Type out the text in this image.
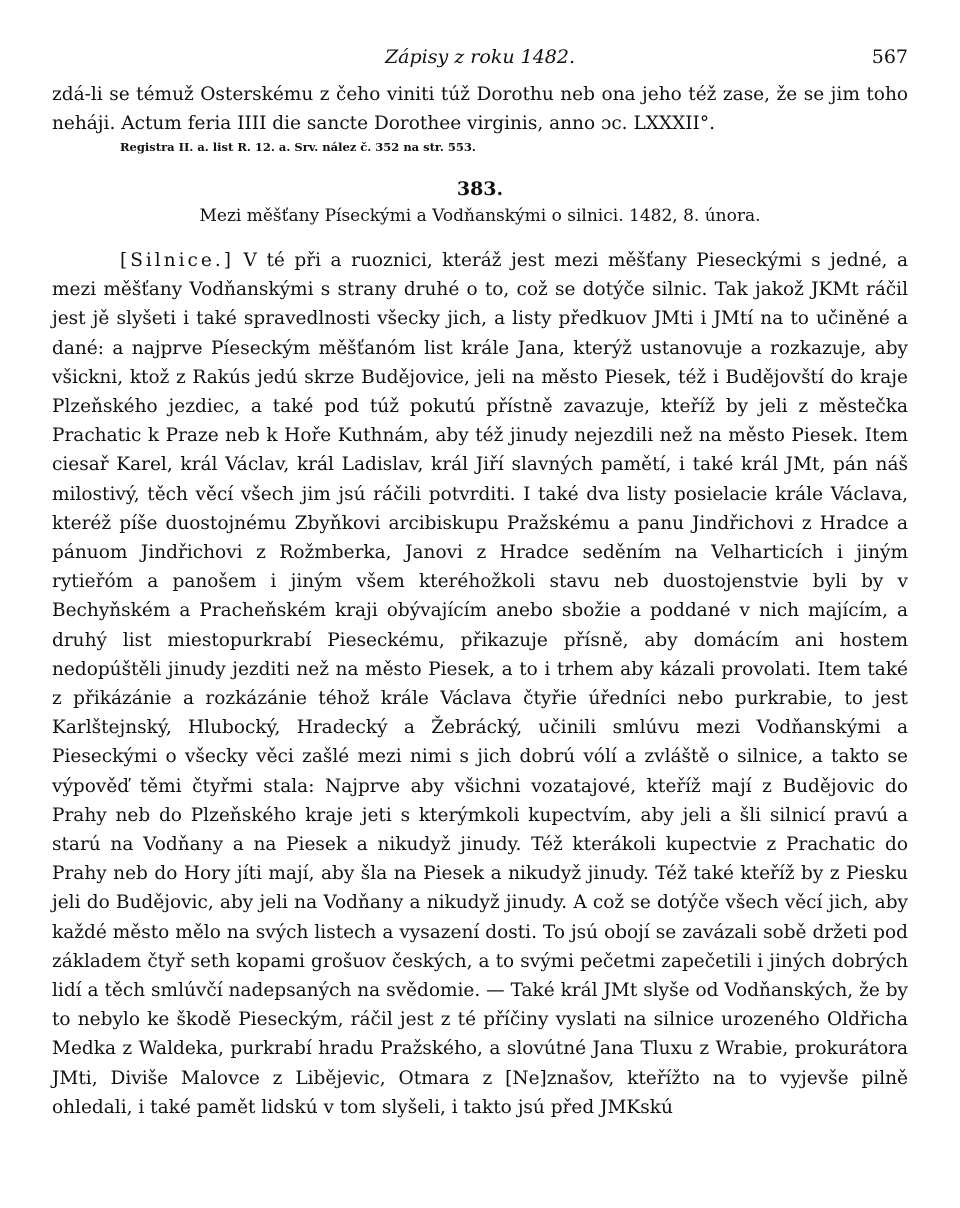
Zápisy z roku 1482.	567

zdá-li se témuž Osterskému z čeho viniti túž Dorothu neb ona jeho též zase, že se jim toho neháji. Actum feria IIII die sancte Dorothee virginis, anno ɔc. LXXXII°.

Registra II. a. list R. 12. a. Srv. nález č. 352 na str. 553.

383.
Mezi měšťany Píseckými a Vodňanskými o silnici. 1482, 8. února.

[Silnice.] V té při a ruoznici, kteráž jest mezi měšťany Pieseckými s jedné, a mezi měšťany Vodňanskými s strany druhé o to, což se dotýče silnic. Tak jakož JKMt ráčil jest jě slyšeti i také spravedlnosti všecky jich, a listy předkuov JMti i JMtí na to učiněné a dané: a najprve Píeseckým měšťanóm list krále Jana, kterýž ustanovuje a rozkazuje, aby všickni, ktož z Rakús jedú skrze Budějovice, jeli na město Piesek, též i Budějovští do kraje Plzeňského jezdiec, a také pod túž pokutú přístně zavazuje, kteříž by jeli z městečka Prachatic k Praze neb k Hoře Kuthnám, aby též jinudy nejezdili než na město Piesek. Item ciesař Karel, král Václav, král Ladislav, král Jiří slavných pamětí, i také král JMt, pán náš milostivý, těch věcí všech jim jsú ráčili potvrditi. I také dva listy posielacie krále Václava, kteréž píše duostojnému Zbyňkovi arcibiskupu Pražskému a panu Jindřichovi z Hradce a pánuom Jindřichovi z Rožmberka, Janovi z Hradce seděním na Velharticích i jiným rytieřóm a panošem i jiným všem kteréhožkoli stavu neb duostojenstvie byli by v Bechyňském a Pracheňském kraji obývajícím anebo sbožie a poddané v nich majícím, a druhý list miestopurkrabí Pieseckému, přikazuje přísně, aby domácím ani hostem nedopúštěli jinudy jezditi než na město Piesek, a to i trhem aby kázali provolati. Item také z přikázánie a rozkázánie téhož krále Václava čtyřie úředníci nebo purkrabie, to jest Karlštejnský, Hlubocký, Hradecký a Žebrácký, učinili smlúvu mezi Vodňanskými a Pieseckými o všecky věci zašlé mezi nimi s jich dobrú vólí a zvláště o silnice, a takto se výpověď těmi čtyřmi stala: Najprve aby všichni vozatajové, kteříž mají z Budějovic do Prahy neb do Plzeňského kraje jeti s kterýmkoli kupectvím, aby jeli a šli silnicí pravú a starú na Vodňany a na Piesek a nikudyž jinudy. Též kterákoli kupectvie z Prachatic do Prahy neb do Hory jíti mají, aby šla na Piesek a nikudyž jinudy. Též také kteříž by z Piesku jeli do Budějovic, aby jeli na Vodňany a nikudyž jinudy. A což se dotýče všech věcí jich, aby každé město mělo na svých listech a vysazení dosti. To jsú obojí se zavázali sobě držeti pod základem čtyř seth kopami grošuov českých, a to svými pečetmi zapečetili i jiných dobrých lidí a těch smlúvčí nadepsaných na svědomie. — Také král JMt slyše od Vodňanských, že by to nebylo ke škodě Pieseckým, ráčil jest z té příčiny vyslati na silnice urozeného Oldřicha Medka z Waldeka, purkrabí hradu Pražského, a slovútné Jana Tluxu z Wrabie, prokurátora JMti, Diviše Malovce z Liběјevic, Otmara z [Ne]znašov, kteřížto na to vyjevše pilně ohledali, i také pamět lidskú v tom slyšeli, i takto jsú před JMKskú
